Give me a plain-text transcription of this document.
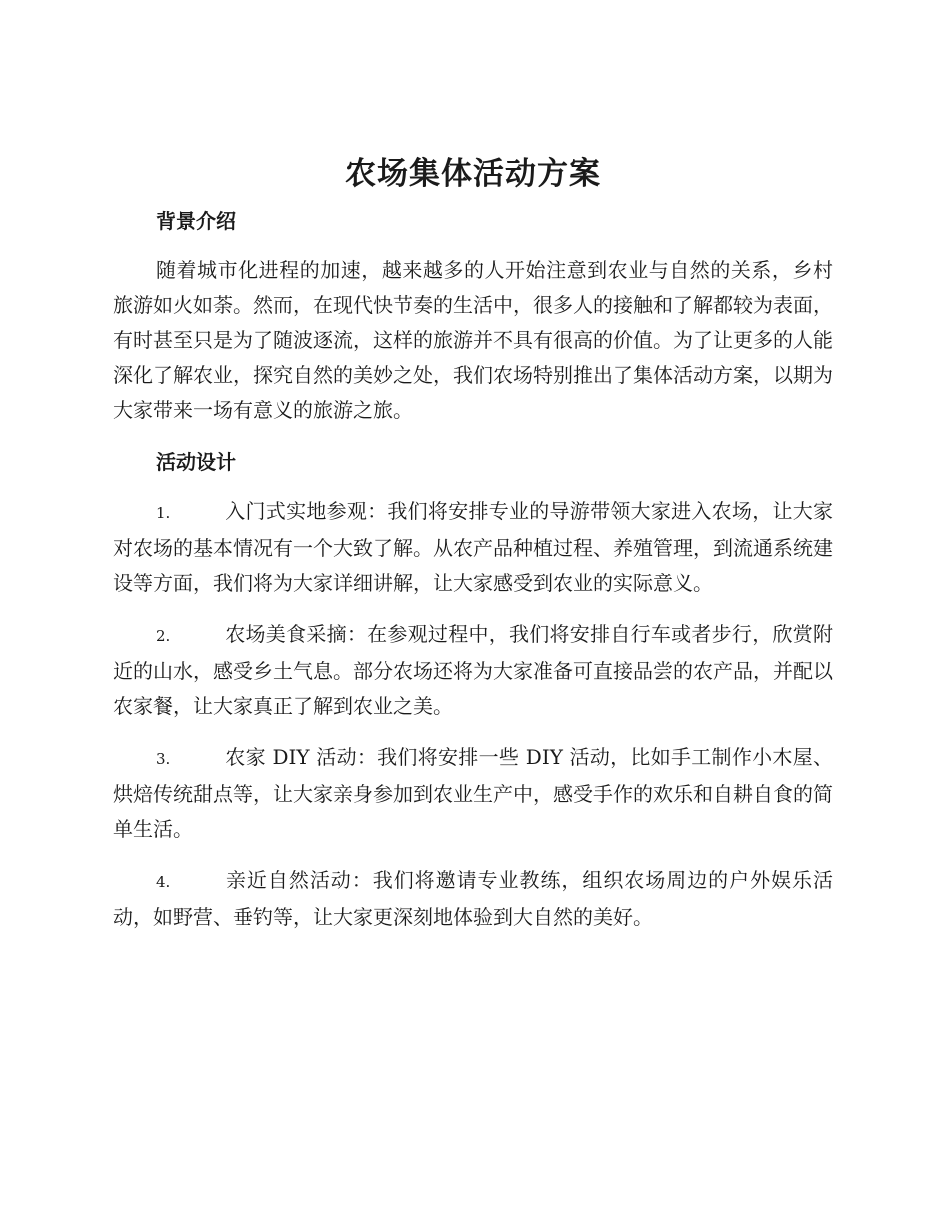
农场集体活动方案
背景介绍

随着城市化进程的加速，越来越多的人开始注意到农业与自然的关系，乡村旅游如火如荼。然而，在现代快节奏的生活中，很多人的接触和了解都较为表面，有时甚至只是为了随波逐流，这样的旅游并不具有很高的价值。为了让更多的人能深化了解农业，探究自然的美妙之处，我们农场特别推出了集体活动方案，以期为大家带来一场有意义的旅游之旅。

活动设计

1.	入门式实地参观：我们将安排专业的导游带领大家进入农场，让大家对农场的基本情况有一个大致了解。从农产品种植过程、养殖管理，到流通系统建设等方面，我们将为大家详细讲解，让大家感受到农业的实际意义。

2.	农场美食采摘：在参观过程中，我们将安排自行车或者步行，欣赏附近的山水，感受乡土气息。部分农场还将为大家准备可直接品尝的农产品，并配以农家餐，让大家真正了解到农业之美。

3.	农家 DIY 活动：我们将安排一些 DIY 活动，比如手工制作小木屋、烘焙传统甜点等，让大家亲身参加到农业生产中，感受手作的欢乐和自耕自食的简单生活。

4.	亲近自然活动：我们将邀请专业教练，组织农场周边的户外娱乐活动，如野营、垂钓等，让大家更深刻地体验到大自然的美好。
